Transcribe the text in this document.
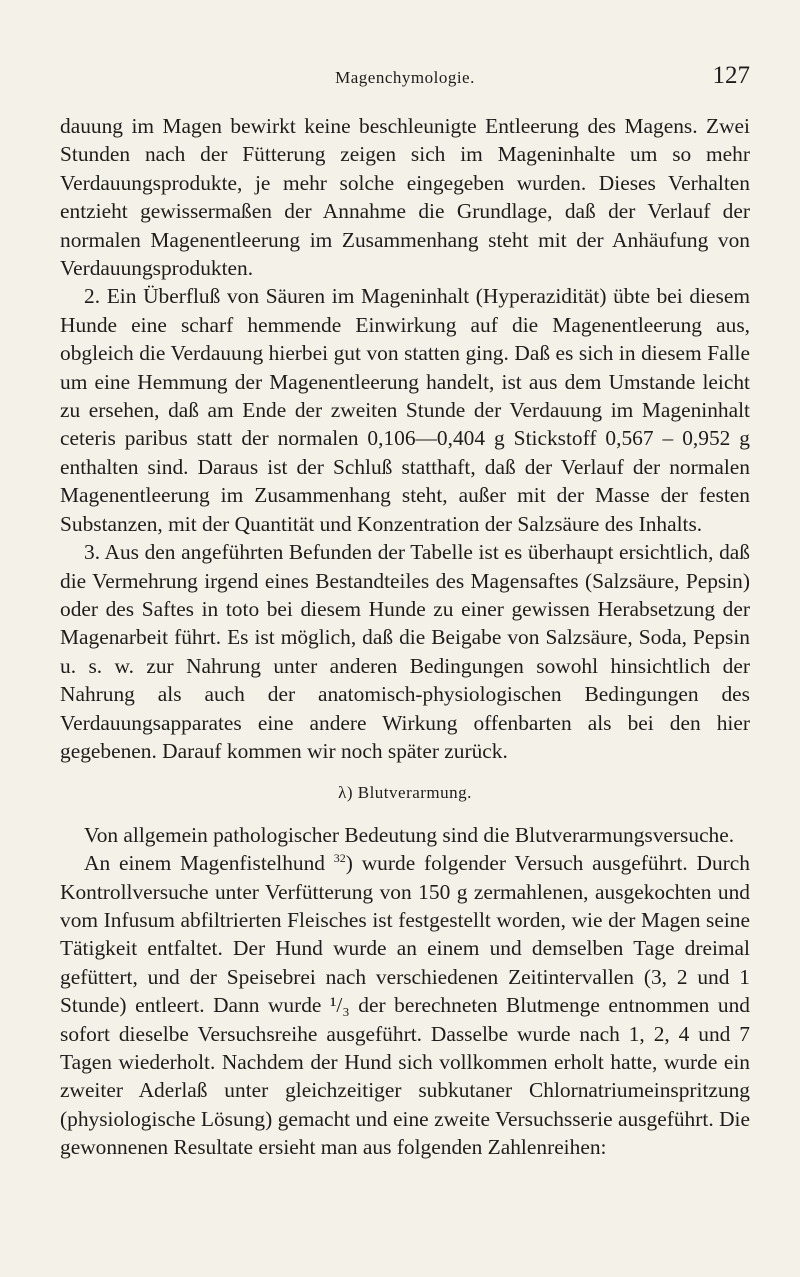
Magenchymologie.	127

dauung im Magen bewirkt keine beschleunigte Entleerung des Magens. Zwei Stunden nach der Fütterung zeigen sich im Mageninhalte um so mehr Verdauungsprodukte, je mehr solche eingegeben wurden. Dieses Verhalten entzieht gewissermaßen der Annahme die Grundlage, daß der Verlauf der normalen Magenentleerung im Zusammenhang steht mit der Anhäufung von Verdauungsprodukten.

2. Ein Überfluß von Säuren im Mageninhalt (Hyperazidität) übte bei diesem Hunde eine scharf hemmende Einwirkung auf die Magenentleerung aus, obgleich die Verdauung hierbei gut von statten ging. Daß es sich in diesem Falle um eine Hemmung der Magenentleerung handelt, ist aus dem Umstande leicht zu ersehen, daß am Ende der zweiten Stunde der Verdauung im Mageninhalt ceteris paribus statt der normalen 0,106—0,404 g Stickstoff 0,567 – 0,952 g enthalten sind. Daraus ist der Schluß statthaft, daß der Verlauf der normalen Magenentleerung im Zusammenhang steht, außer mit der Masse der festen Substanzen, mit der Quantität und Konzentration der Salzsäure des Inhalts.

3. Aus den angeführten Befunden der Tabelle ist es überhaupt ersichtlich, daß die Vermehrung irgend eines Bestandteiles des Magensaftes (Salzsäure, Pepsin) oder des Saftes in toto bei diesem Hunde zu einer gewissen Herabsetzung der Magenarbeit führt. Es ist möglich, daß die Beigabe von Salzsäure, Soda, Pepsin u. s. w. zur Nahrung unter anderen Bedingungen sowohl hinsichtlich der Nahrung als auch der anatomisch-physiologischen Bedingungen des Verdauungsapparates eine andere Wirkung offenbarten als bei den hier gegebenen. Darauf kommen wir noch später zurück.

λ) Blutverarmung.

Von allgemein pathologischer Bedeutung sind die Blutverarmungsversuche.

An einem Magenfistelhund $^{32}$) wurde folgender Versuch ausgeführt. Durch Kontrollversuche unter Verfütterung von 150 g zermahlenen, ausgekochten und vom Infusum abfiltrierten Fleisches ist festgestellt worden, wie der Magen seine Tätigkeit entfaltet. Der Hund wurde an einem und demselben Tage dreimal gefüttert, und der Speisebrei nach verschiedenen Zeitintervallen (3, 2 und 1 Stunde) entleert. Dann wurde ¹/₃ der berechneten Blutmenge entnommen und sofort dieselbe Versuchsreihe ausgeführt. Dasselbe wurde nach 1, 2, 4 und 7 Tagen wiederholt. Nachdem der Hund sich vollkommen erholt hatte, wurde ein zweiter Aderlaß unter gleichzeitiger subkutaner Chlornatriumeinspritzung (physiologische Lösung) gemacht und eine zweite Versuchsserie ausgeführt. Die gewonnenen Resultate ersieht man aus folgenden Zahlenreihen:
